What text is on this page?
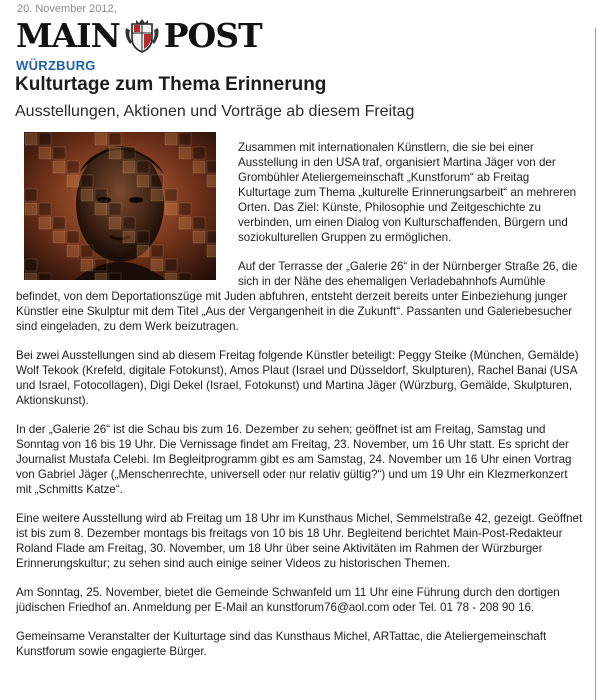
20. November 2012,
MAIN POST
WÜRZBURG
Kulturtage zum Thema Erinnerung
Ausstellungen, Aktionen und Vorträge ab diesem Freitag

Zusammen mit internationalen Künstlern, die sie bei einer Ausstellung in den USA traf, organisiert Martina Jäger von der Grombühler Ateliergemeinschaft „Kunstforum“ ab Freitag Kulturtage zum Thema „kulturelle Erinnerungsarbeit“ an mehreren Orten. Das Ziel: Künste, Philosophie und Zeitgeschichte zu verbinden, um einen Dialog von Kulturschaffenden, Bürgern und soziokulturellen Gruppen zu ermöglichen.

Auf der Terrasse der „Galerie 26“ in der Nürnberger Straße 26, die sich in der Nähe des ehemaligen Verladebahnhofs Aumühle befindet, von dem Deportationszüge mit Juden abfuhren, entsteht derzeit bereits unter Einbeziehung junger Künstler eine Skulptur mit dem Titel „Aus der Vergangenheit in die Zukunft“. Passanten und Galeriebesucher sind eingeladen, zu dem Werk beizutragen.

Bei zwei Ausstellungen sind ab diesem Freitag folgende Künstler beteiligt: Peggy Steike (München, Gemälde) Wolf Tekook (Krefeld, digitale Fotokunst), Amos Plaut (Israel und Düsseldorf, Skulpturen), Rachel Banai (USA und Israel, Fotocollagen), Digi Dekel (Israel, Fotokunst) und Martina Jäger (Würzburg, Gemälde, Skulpturen, Aktionskunst).

In der „Galerie 26“ ist die Schau bis zum 16. Dezember zu sehen; geöffnet ist am Freitag, Samstag und Sonntag von 16 bis 19 Uhr. Die Vernissage findet am Freitag, 23. November, um 16 Uhr statt. Es spricht der Journalist Mustafa Celebi. Im Begleitprogramm gibt es am Samstag, 24. November um 16 Uhr einen Vortrag von Gabriel Jäger („Menschenrechte, universell oder nur relativ gültig?“) und um 19 Uhr ein Klezmerkonzert mit „Schmitts Katze“.

Eine weitere Ausstellung wird ab Freitag um 18 Uhr im Kunsthaus Michel, Semmelstraße 42, gezeigt. Geöffnet ist bis zum 8. Dezember montags bis freitags von 10 bis 18 Uhr. Begleitend berichtet Main-Post-Redakteur Roland Flade am Freitag, 30. November, um 18 Uhr über seine Aktivitäten im Rahmen der Würzburger Erinnerungskultur; zu sehen sind auch einige seiner Videos zu historischen Themen.

Am Sonntag, 25. November, bietet die Gemeinde Schwanfeld um 11 Uhr eine Führung durch den dortigen jüdischen Friedhof an. Anmeldung per E-Mail an kunstforum76@aol.com oder Tel. 01 78 - 208 90 16.

Gemeinsame Veranstalter der Kulturtage sind das Kunsthaus Michel, ARTattac, die Ateliergemeinschaft Kunstforum sowie engagierte Bürger.
